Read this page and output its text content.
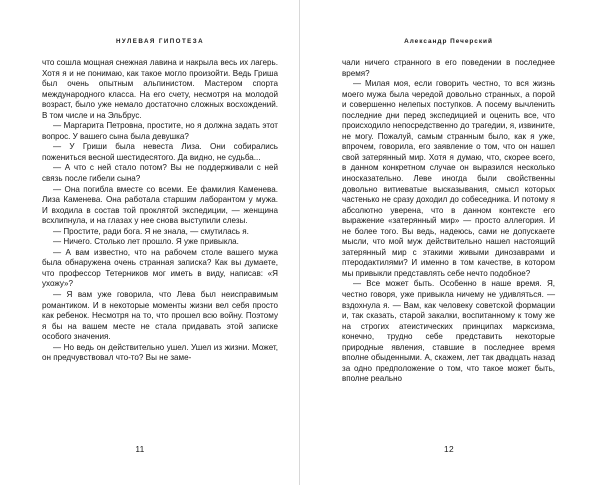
НУЛЕВАЯ ГИПОТЕЗА

что сошла мощная снежная лавина и накрыла весь их лагерь. Хотя я и не понимаю, как такое могло произойти. Ведь Гриша был очень опытным альпинистом. Мастером спорта международного класса. На его счету, несмотря на молодой возраст, было уже немало достаточно сложных восхождений. В том числе и на Эльбрус.

— Маргарита Петровна, простите, но я должна задать этот вопрос. У вашего сына была девушка?

— У Гриши была невеста Лиза. Они собирались пожениться весной шестидесятого. Да видно, не судьба...

— А что с ней стало потом? Вы не поддерживали с ней связь после гибели сына?

— Она погибла вместе со всеми. Ее фамилия Каменева. Лиза Каменева. Она работала старшим лаборантом у мужа. И входила в состав той проклятой экспедиции, — женщина всхлипнула, и на глазах у нее снова выступили слезы.

— Простите, ради бога. Я не знала, — смутилась я.

— Ничего. Столько лет прошло. Я уже привыкла.

— А вам известно, что на рабочем столе вашего мужа была обнаружена очень странная записка? Как вы думаете, что профессор Тетерников мог иметь в виду, написав: «Я ухожу»?

— Я вам уже говорила, что Лева был неисправимым романтиком. И в некоторые моменты жизни вел себя просто как ребенок. Несмотря на то, что прошел всю войну. Поэтому я бы на вашем месте не стала придавать этой записке особого значения.

— Но ведь он действительно ушел. Ушел из жизни. Может, он предчувствовал что-то? Вы не заме-

11
Александр Печерский

чали ничего странного в его поведении в последнее время?

— Милая моя, если говорить честно, то вся жизнь моего мужа была чередой довольно странных, а порой и совершенно нелепых поступков. А посему вычленить последние дни перед экспедицией и оценить все, что происходило непосредственно до трагедии, я, извините, не могу. Пожалуй, самым странным было, как я уже, впрочем, говорила, его заявление о том, что он нашел свой затерянный мир. Хотя я думаю, что, скорее всего, в данном конкретном случае он выразился несколько иносказательно. Леве иногда были свойственны довольно витиеватые высказывания, смысл которых частенько не сразу доходил до собеседника. И потому я абсолютно уверена, что в данном контексте его выражение «затерянный мир» — просто аллегория. И не более того. Вы ведь, надеюсь, сами не допускаете мысли, что мой муж действительно нашел настоящий затерянный мир с этакими живыми динозаврами и птеродактилями? И именно в том качестве, в котором мы привыкли представлять себе нечто подобное?

— Все может быть. Особенно в наше время. Я, честно говоря, уже привыкла ничему не удивляться. — вздохнула я. — Вам, как человеку советской формации и, так сказать, старой закалки, воспитанному к тому же на строгих атеистических принципах марксизма, конечно, трудно себе представить некоторые природные явления, ставшие в последнее время вполне обыденными. А, скажем, лет так двадцать назад за одно предположение о том, что такое может быть, вполне реально

12
